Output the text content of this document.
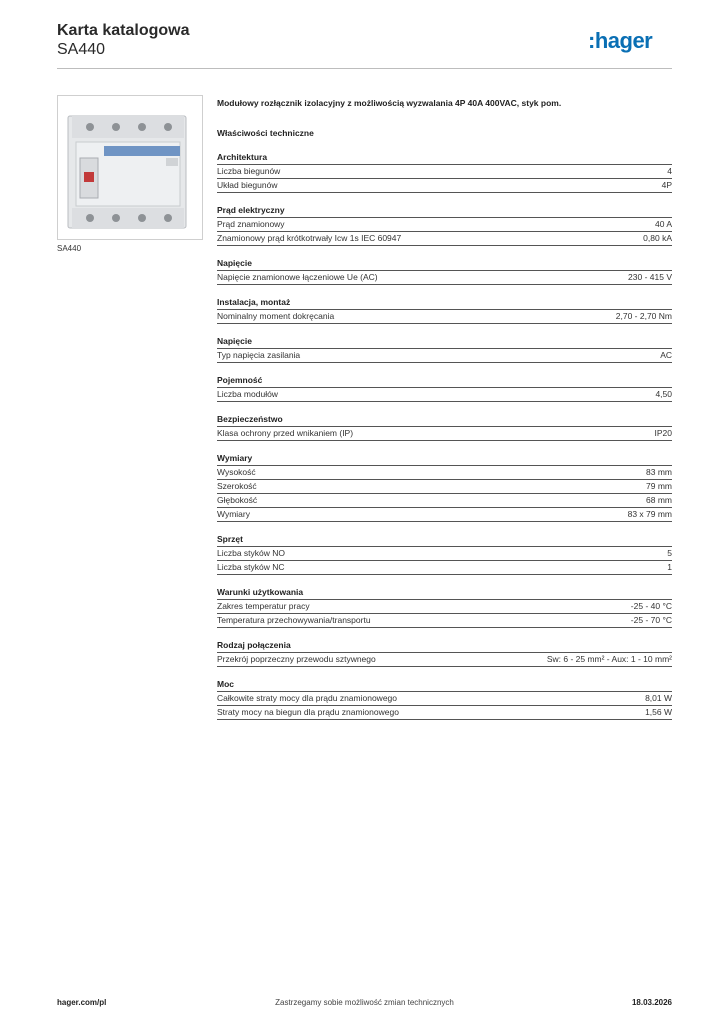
Karta katalogowa
SA440	:hager
SA440
Modułowy rozłącznik izolacyjny z możliwością wyzwalania 4P 40A 400VAC, styk pom.
Właściwości techniczne
Architektura
Liczba biegunów	4
Układ biegunów	4P
Prąd elektryczny
Prąd znamionowy	40 A
Znamionowy prąd krótkotrwały Icw 1s IEC 60947	0,80 kA
Napięcie
Napięcie znamionowe łączeniowe Ue (AC)	230 - 415 V
Instalacja, montaż
Nominalny moment dokręcania	2,70 - 2,70 Nm
Napięcie
Typ napięcia zasilania	AC
Pojemność
Liczba modułów	4,50
Bezpieczeństwo
Klasa ochrony przed wnikaniem (IP)	IP20
Wymiary
Wysokość	83 mm
Szerokość	79 mm
Głębokość	68 mm
Wymiary	83 x 79 mm
Sprzęt
Liczba styków NO	5
Liczba styków NC	1
Warunki użytkowania
Zakres temperatur pracy	-25 - 40 °C
Temperatura przechowywania/transportu	-25 - 70 °C
Rodzaj połączenia
Przekrój poprzeczny przewodu sztywnego	Sw: 6 - 25 mm² - Aux: 1 - 10 mm²
Moc
Całkowite straty mocy dla prądu znamionowego	8,01 W
Straty mocy na biegun dla prądu znamionowego	1,56 W
hager.com/pl	Zastrzegamy sobie możliwość zmian technicznych	18.03.2026
